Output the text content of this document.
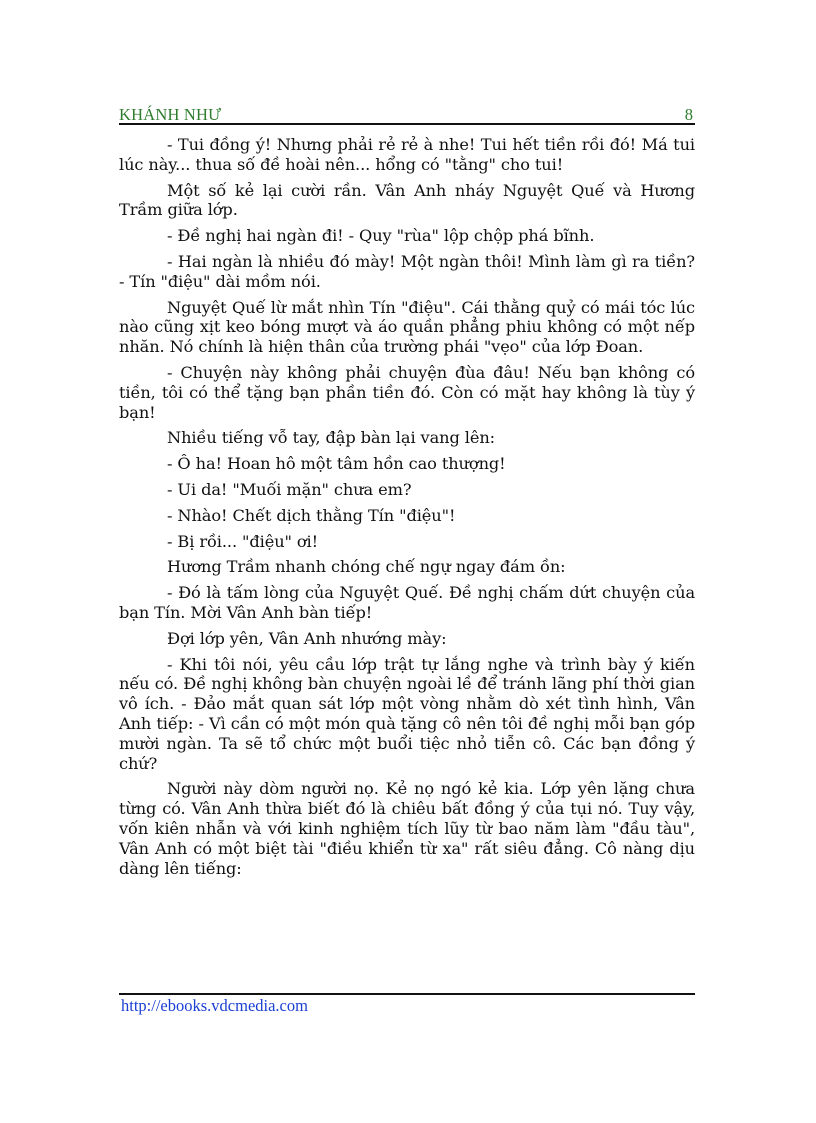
KHÁNH NHƯ	8

- Tui đồng ý! Nhưng phải rẻ rẻ à nhe! Tui hết tiền rồi đó! Má tui lúc này... thua số đề hoài nên... hổng có "tằng" cho tui!

Một số kẻ lại cười rần. Vân Anh nháy Nguyệt Quế và Hương Trầm giữa lớp.

- Đề nghị hai ngàn đi! - Quy "rùa" lộp chộp phá bĩnh.

- Hai ngàn là nhiều đó mày! Một ngàn thôi! Mình làm gì ra tiền? - Tín "điệu" dài mồm nói.

Nguyệt Quế lừ mắt nhìn Tín "điệu". Cái thằng quỷ có mái tóc lúc nào cũng xịt keo bóng mượt và áo quần phẳng phiu không có một nếp nhăn. Nó chính là hiện thân của trường phái "vẹo" của lớp Đoan.

- Chuyện này không phải chuyện đùa đâu! Nếu bạn không có tiền, tôi có thể tặng bạn phần tiền đó. Còn có mặt hay không là tùy ý bạn!

Nhiều tiếng vỗ tay, đập bàn lại vang lên:

- Ô ha! Hoan hô một tâm hồn cao thượng!

- Ui da! "Muối mặn" chưa em?

- Nhào! Chết dịch thằng Tín "điệu"!

- Bị rồi... "điệu" ơi!

Hương Trầm nhanh chóng chế ngự ngay đám ồn:

- Đó là tấm lòng của Nguyệt Quế. Đề nghị chấm dứt chuyện của bạn Tín. Mời Vân Anh bàn tiếp!

Đợi lớp yên, Vân Anh nhướng mày:

- Khi tôi nói, yêu cầu lớp trật tự lắng nghe và trình bày ý kiến nếu có. Đề nghị không bàn chuyện ngoài lề để tránh lãng phí thời gian vô ích. - Đảo mắt quan sát lớp một vòng nhằm dò xét tình hình, Vân Anh tiếp: - Vì cần có một món quà tặng cô nên tôi đề nghị mỗi bạn góp mười ngàn. Ta sẽ tổ chức một buổi tiệc nhỏ tiễn cô. Các bạn đồng ý chứ?

Người này dòm người nọ. Kẻ nọ ngó kẻ kia. Lớp yên lặng chưa từng có. Vân Anh thừa biết đó là chiêu bất đồng ý của tụi nó. Tuy vậy, vốn kiên nhẫn và với kinh nghiệm tích lũy từ bao năm làm "đầu tàu", Vân Anh có một biệt tài "điều khiển từ xa" rất siêu đẳng. Cô nàng dịu dàng lên tiếng:

http://ebooks.vdcmedia.com
